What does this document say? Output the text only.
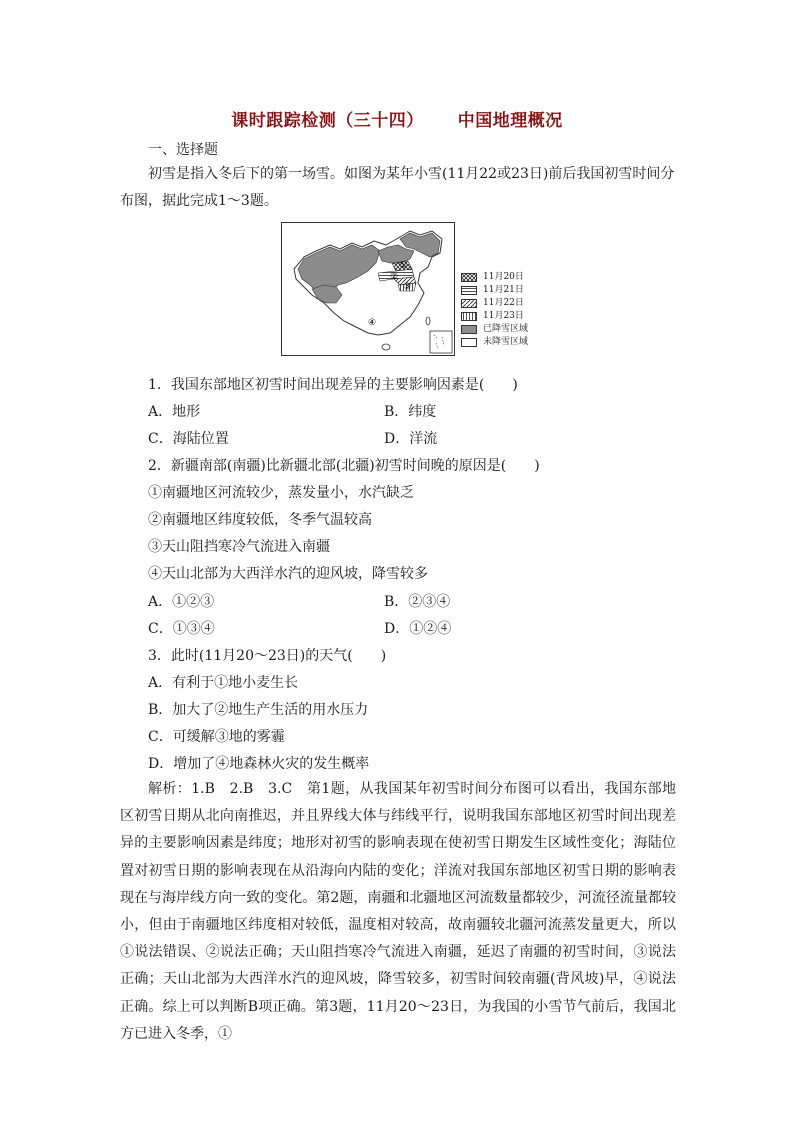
课时跟踪检测（三十四） 中国地理概况
一、选择题
初雪是指入冬后下的第一场雪。如图为某年小雪(11月22或23日)前后我国初雪时间分布图，据此完成1～3题。
①
②
③
④
11月20日
11月21日
11月22日
11月23日
已降雪区域
未降雪区域
1．我国东部地区初雪时间出现差异的主要影响因素是(　　)
A．地形	B．纬度
C．海陆位置	D．洋流
2．新疆南部(南疆)比新疆北部(北疆)初雪时间晚的原因是(　　)
①南疆地区河流较少，蒸发量小，水汽缺乏
②南疆地区纬度较低，冬季气温较高
③天山阻挡寒冷气流进入南疆
④天山北部为大西洋水汽的迎风坡，降雪较多
A．①②③	B．②③④
C．①③④	D．①②④
3．此时(11月20～23日)的天气(　　)
A．有利于①地小麦生长
B．加大了②地生产生活的用水压力
C．可缓解③地的雾霾
D．增加了④地森林火灾的发生概率
解析：1.B　2.B　3.C　第1题，从我国某年初雪时间分布图可以看出，我国东部地区初雪日期从北向南推迟，并且界线大体与纬线平行，说明我国东部地区初雪时间出现差异的主要影响因素是纬度；地形对初雪的影响表现在使初雪日期发生区域性变化；海陆位置对初雪日期的影响表现在从沿海向内陆的变化；洋流对我国东部地区初雪日期的影响表现在与海岸线方向一致的变化。第2题，南疆和北疆地区河流数量都较少，河流径流量都较小，但由于南疆地区纬度相对较低，温度相对较高，故南疆较北疆河流蒸发量更大，所以①说法错误、②说法正确；天山阻挡寒冷气流进入南疆，延迟了南疆的初雪时间，③说法正确；天山北部为大西洋水汽的迎风坡，降雪较多，初雪时间较南疆(背风坡)早，④说法正确。综上可以判断B项正确。第3题，11月20～23日，为我国的小雪节气前后，我国北方已进入冬季，①
